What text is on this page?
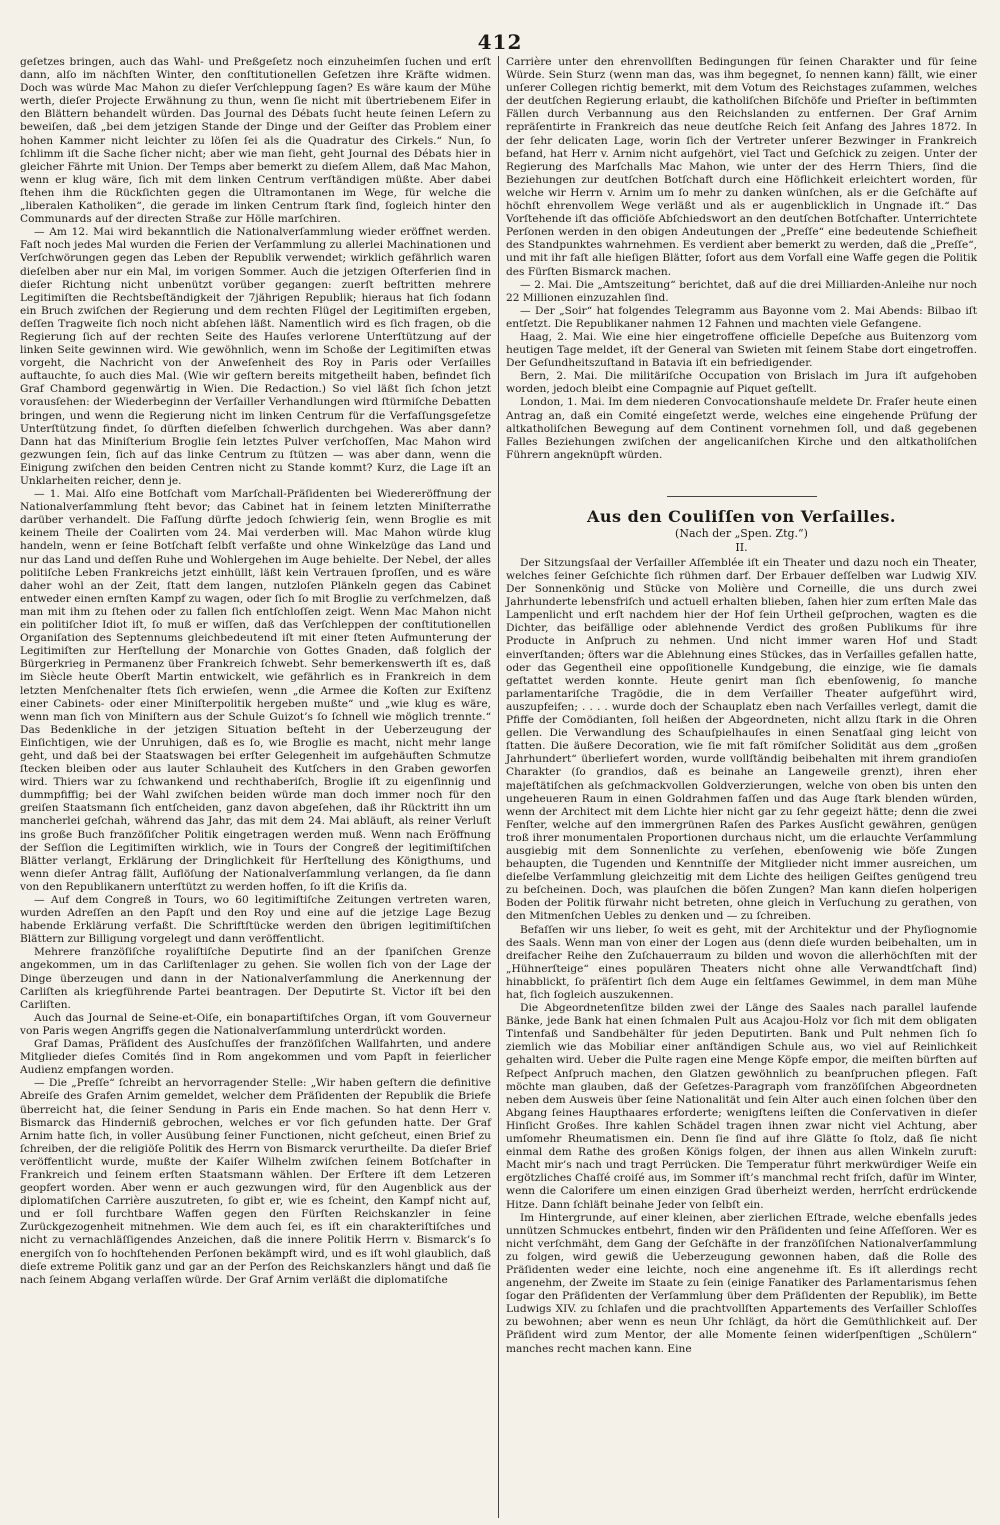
412

geſetzes bringen, auch das Wahl- und Preßgeſetz noch einzuheimſen ſuchen und erſt dann, alſo im nächſten Winter, den conſtitutionellen Geſetzen ihre Kräfte widmen. Doch was würde Mac Mahon zu dieſer Verſchleppung ſagen? Es wäre kaum der Mühe werth, dieſer Projecte Erwähnung zu thun, wenn ſie nicht mit übertriebenem Eifer in den Blättern behandelt würden. Das Journal des Débats ſucht heute ſeinen Leſern zu beweiſen, daß „bei dem jetzigen Stande der Dinge und der Geiſter das Problem einer hohen Kammer nicht leichter zu löſen ſei als die Quadratur des Cirkels.“ Nun, ſo ſchlimm iſt die Sache ſicher nicht; aber wie man ſieht, geht Journal des Débats hier in gleicher Fährte mit Union. Der Temps aber bemerkt zu dieſem Allem, daß Mac Mahon, wenn er klug wäre, ſich mit dem linken Centrum verſtändigen müßte. Aber dabei ſtehen ihm die Rückſichten gegen die Ultramontanen im Wege, für welche die „liberalen Katholiken“, die gerade im linken Centrum ſtark ſind, ſogleich hinter den Communards auf der directen Straße zur Hölle marſchiren.

— Am 12. Mai wird bekanntlich die Nationalverſammlung wieder eröffnet werden. Faſt noch jedes Mal wurden die Ferien der Verſammlung zu allerlei Machinationen und Verſchwörungen gegen das Leben der Republik verwendet; wirklich gefährlich waren dieſelben aber nur ein Mal, im vorigen Sommer. Auch die jetzigen Oſterferien ſind in dieſer Richtung nicht unbenützt vorüber gegangen: zuerſt beſtritten mehrere Legitimiſten die Rechtsbeſtändigkeit der 7jährigen Republik; hieraus hat ſich ſodann ein Bruch zwiſchen der Regierung und dem rechten Flügel der Legitimiſten ergeben, deſſen Tragweite ſich noch nicht abſehen läßt. Namentlich wird es ſich fragen, ob die Regierung ſich auf der rechten Seite des Hauſes verlorene Unterſtützung auf der linken Seite gewinnen wird. Wie gewöhnlich, wenn im Schoße der Legitimiſten etwas vorgeht, die Nachricht von der Anweſenheit des Roy in Paris oder Verſailles auftauchte, ſo auch dies Mal. (Wie wir geſtern bereits mitgetheilt haben, befindet ſich Graf Chambord gegenwärtig in Wien. Die Redaction.) So viel läßt ſich ſchon jetzt vorausſehen: der Wiederbeginn der Verſailler Verhandlungen wird ſtürmiſche Debatten bringen, und wenn die Regierung nicht im linken Centrum für die Verfaſſungsgeſetze Unterſtützung findet, ſo dürften dieſelben ſchwerlich durchgehen. Was aber dann? Dann hat das Miniſterium Broglie ſein letztes Pulver verſchoſſen, Mac Mahon wird gezwungen ſein, ſich auf das linke Centrum zu ſtützen — was aber dann, wenn die Einigung zwiſchen den beiden Centren nicht zu Stande kommt? Kurz, die Lage iſt an Unklarheiten reicher, denn je.

— 1. Mai. Alſo eine Botſchaft vom Marſchall-Präſidenten bei Wiedereröffnung der Nationalverſammlung ſteht bevor; das Cabinet hat in ſeinem letzten Miniſterrathe darüber verhandelt. Die Faſſung dürfte jedoch ſchwierig ſein, wenn Broglie es mit keinem Theile der Coalirten vom 24. Mai verderben will. Mac Mahon würde klug handeln, wenn er ſeine Botſchaft ſelbſt verfaßte und ohne Winkelzüge das Land und nur das Land und deſſen Ruhe und Wohlergehen im Auge behielte. Der Nebel, der alles politiſche Leben Frankreichs jetzt einhüllt, läßt kein Vertrauen ſproſſen, und es wäre daher wohl an der Zeit, ſtatt dem langen, nutzloſen Plänkeln gegen das Cabinet entweder einen ernſten Kampf zu wagen, oder ſich ſo mit Broglie zu verſchmelzen, daß man mit ihm zu ſtehen oder zu fallen ſich entſchloſſen zeigt. Wenn Mac Mahon nicht ein politiſcher Idiot iſt, ſo muß er wiſſen, daß das Verſchleppen der conſtitutionellen Organiſation des Septennums gleichbedeutend iſt mit einer ſteten Aufmunterung der Legitimiſten zur Herſtellung der Monarchie von Gottes Gnaden, daß folglich der Bürgerkrieg in Permanenz über Frankreich ſchwebt. Sehr bemerkenswerth iſt es, daß im Siècle heute Oberſt Martin entwickelt, wie gefährlich es in Frankreich in dem letzten Menſchenalter ſtets ſich erwieſen, wenn „die Armee die Koſten zur Exiſtenz einer Cabinets- oder einer Miniſterpolitik hergeben mußte“ und „wie klug es wäre, wenn man ſich von Miniſtern aus der Schule Guizot’s ſo ſchnell wie möglich trennte.“ Das Bedenkliche in der jetzigen Situation beſteht in der Ueberzeugung der Einſichtigen, wie der Unruhigen, daß es ſo, wie Broglie es macht, nicht mehr lange geht, und daß bei der Staatswagen bei erſter Gelegenheit im aufgehäuften Schmutze ſtecken bleiben oder aus lauter Schlauheit des Kutſchers in den Graben geworfen wird. Thiers war zu ſchwankend und rechthaberiſch, Broglie iſt zu eigenſinnig und dummpfiffig; bei der Wahl zwiſchen beiden würde man doch immer noch für den greiſen Staatsmann ſich entſcheiden, ganz davon abgeſehen, daß ihr Rücktritt ihn um mancherlei geſchah, während das Jahr, das mit dem 24. Mai abläuft, als reiner Verluſt ins große Buch franzöſiſcher Politik eingetragen werden muß. Wenn nach Eröffnung der Seſſion die Legitimiſten wirklich, wie in Tours der Congreß der legitimiſtiſchen Blätter verlangt, Erklärung der Dringlichkeit für Herſtellung des Königthums, und wenn dieſer Antrag fällt, Auflöſung der Nationalverſammlung verlangen, da ſie dann von den Republikanern unterſtützt zu werden hoffen, ſo iſt die Kriſis da.

— Auf dem Congreß in Tours, wo 60 legitimiſtiſche Zeitungen vertreten waren, wurden Adreſſen an den Papſt und den Roy und eine auf die jetzige Lage Bezug habende Erklärung verfaßt. Die Schriftſtücke werden den übrigen legitimiſtiſchen Blättern zur Billigung vorgelegt und dann veröffentlicht.

Mehrere franzöſiſche royaliſtiſche Deputirte ſind an der ſpaniſchen Grenze angekommen, um in das Carliſtenlager zu gehen. Sie wollen ſich von der Lage der Dinge überzeugen und dann in der Nationalverſammlung die Anerkennung der Carliſten als kriegführende Partei beantragen. Der Deputirte St. Victor iſt bei den Carliſten.

Auch das Journal de Seine-et-Oiſe, ein bonapartiſtiſches Organ, iſt vom Gouverneur von Paris wegen Angriffs gegen die Nationalverſammlung unterdrückt worden.

Graf Damas, Präſident des Ausſchuſſes der franzöſiſchen Wallfahrten, und andere Mitglieder dieſes Comités ſind in Rom angekommen und vom Papſt in feierlicher Audienz empfangen worden.

— Die „Preſſe“ ſchreibt an hervorragender Stelle: „Wir haben geſtern die definitive Abreiſe des Grafen Arnim gemeldet, welcher dem Präſidenten der Republik die Briefe überreicht hat, die ſeiner Sendung in Paris ein Ende machen. So hat denn Herr v. Bismarck das Hinderniß gebrochen, welches er vor ſich gefunden hatte. Der Graf Arnim hatte ſich, in voller Ausübung ſeiner Functionen, nicht geſcheut, einen Brief zu ſchreiben, der die religiöſe Politik des Herrn von Bismarck verurtheilte. Da dieſer Brief veröffentlicht wurde, mußte der Kaiſer Wilhelm zwiſchen ſeinem Botſchafter in Frankreich und ſeinem erſten Staatsmann wählen. Der Erſtere iſt dem Letzeren geopfert worden. Aber wenn er auch gezwungen wird, für den Augenblick aus der diplomatiſchen Carrière auszutreten, ſo gibt er, wie es ſcheint, den Kampf nicht auf, und er ſoll furchtbare Waffen gegen den Fürſten Reichskanzler in ſeine Zurückgezogenheit mitnehmen. Wie dem auch ſei, es iſt ein charakteriſtiſches und nicht zu vernachläſſigendes Anzeichen, daß die innere Politik Herrn v. Bismarck’s ſo energiſch von ſo hochſtehenden Perſonen bekämpft wird, und es iſt wohl glaublich, daß dieſe extreme Politik ganz und gar an der Perſon des Reichskanzlers hängt und daß ſie nach ſeinem Abgang verlaſſen würde. Der Graf Arnim verläßt die diplomatiſche

Carrière unter den ehrenvollſten Bedingungen für ſeinen Charakter und für ſeine Würde. Sein Sturz (wenn man das, was ihm begegnet, ſo nennen kann) fällt, wie einer unſerer Collegen richtig bemerkt, mit dem Votum des Reichstages zuſammen, welches der deutſchen Regierung erlaubt, die katholiſchen Biſchöfe und Prieſter in beſtimmten Fällen durch Verbannung aus den Reichslanden zu entfernen. Der Graf Arnim repräſentirte in Frankreich das neue deutſche Reich ſeit Anfang des Jahres 1872. In der ſehr delicaten Lage, worin ſich der Vertreter unſerer Bezwinger in Frankreich befand, hat Herr v. Arnim nicht aufgehört, viel Tact und Geſchick zu zeigen. Unter der Regierung des Marſchalls Mac Mahon, wie unter der des Herrn Thiers, ſind die Beziehungen zur deutſchen Botſchaft durch eine Höflichkeit erleichtert worden, für welche wir Herrn v. Arnim um ſo mehr zu danken wünſchen, als er die Geſchäfte auf höchſt ehrenvollem Wege verläßt und als er augenblicklich in Ungnade iſt.“ Das Vorſtehende iſt das officiöſe Abſchiedswort an den deutſchen Botſchafter. Unterrichtete Perſonen werden in den obigen Andeutungen der „Preſſe“ eine bedeutende Schiefheit des Standpunktes wahrnehmen. Es verdient aber bemerkt zu werden, daß die „Preſſe“, und mit ihr faſt alle hieſigen Blätter, ſofort aus dem Vorfall eine Waffe gegen die Politik des Fürſten Bismarck machen.

— 2. Mai. Die „Amtszeitung“ berichtet, daß auf die drei Milliarden-Anleihe nur noch 22 Millionen einzuzahlen ſind.

— Der „Soir“ hat folgendes Telegramm aus Bayonne vom 2. Mai Abends: Bilbao iſt entſetzt. Die Republikaner nahmen 12 Fahnen und machten viele Gefangene.

Haag, 2. Mai. Wie eine hier eingetroffene officielle Depeſche aus Buitenzorg vom heutigen Tage meldet, iſt der General van Swieten mit ſeinem Stabe dort eingetroffen. Der Geſundheitszuſtand in Batavia iſt ein befriedigender.

Bern, 2. Mai. Die militäriſche Occupation von Brislach im Jura iſt aufgehoben worden, jedoch bleibt eine Compagnie auf Piquet geſtellt.

London, 1. Mai. Im dem niederen Convocationshauſe meldete Dr. Fraſer heute einen Antrag an, daß ein Comité eingeſetzt werde, welches eine eingehende Prüfung der altkatholiſchen Bewegung auf dem Continent vornehmen ſoll, und daß gegebenen Falles Beziehungen zwiſchen der angelicaniſchen Kirche und den altkatholiſchen Führern angeknüpft würden.

Aus den Couliſſen von Verſailles.

(Nach der „Spen. Ztg.“)

II.

Der Sitzungsſaal der Verſailler Aſſemblée iſt ein Theater und dazu noch ein Theater, welches ſeiner Geſchichte ſich rühmen darf. Der Erbauer deſſelben war Ludwig XIV. Der Sonnenkönig und Stücke von Molière und Corneille, die uns durch zwei Jahrhunderte lebensfriſch und actuell erhalten blieben, ſahen hier zum erſten Male das Lampenlicht und erſt nachdem hier der Hof ſein Urtheil geſprochen, wagten es die Dichter, das beifällige oder ablehnende Verdict des großen Publikums für ihre Producte in Anſpruch zu nehmen. Und nicht immer waren Hof und Stadt einverſtanden; öfters war die Ablehnung eines Stückes, das in Verſailles gefallen hatte, oder das Gegentheil eine oppoſitionelle Kundgebung, die einzige, wie ſie damals geſtattet werden konnte. Heute genirt man ſich ebenſowenig, ſo manche parlamentariſche Tragödie, die in dem Verſailler Theater aufgeführt wird, auszupfeifen; . . . . wurde doch der Schauplatz eben nach Verſailles verlegt, damit die Pfiffe der Comödianten, ſoll heißen der Abgeordneten, nicht allzu ſtark in die Ohren gellen. Die Verwandlung des Schauſpielhauſes in einen Senatſaal ging leicht von ſtatten. Die äußere Decoration, wie ſie mit faſt römiſcher Solidität aus dem „großen Jahrhundert“ überliefert worden, wurde vollſtändig beibehalten mit ihrem grandioſen Charakter (ſo grandios, daß es beinahe an Langeweile grenzt), ihren eher majeſtätiſchen als geſchmackvollen Goldverzierungen, welche von oben bis unten den ungeheueren Raum in einen Goldrahmen faſſen und das Auge ſtark blenden würden, wenn der Architect mit dem Lichte hier nicht gar zu ſehr gegeizt hätte; denn die zwei Fenſter, welche auf den immergrünen Raſen des Parkes Ausſicht gewähren, genügen troß ihrer monumentalen Proportionen durchaus nicht, um die erlauchte Verſammlung ausgiebig mit dem Sonnenlichte zu verſehen, ebenſowenig wie böſe Zungen behaupten, die Tugenden und Kenntniſſe der Mitglieder nicht immer ausreichen, um dieſelbe Verſammlung gleichzeitig mit dem Lichte des heiligen Geiſtes genügend treu zu beſcheinen. Doch, was plauſchen die böſen Zungen? Man kann dieſen holperigen Boden der Politik fürwahr nicht betreten, ohne gleich in Verſuchung zu gerathen, von den Mitmenſchen Uebles zu denken und — zu ſchreiben.

Befaſſen wir uns lieber, ſo weit es geht, mit der Architektur und der Phyſiognomie des Saals. Wenn man von einer der Logen aus (denn dieſe wurden beibehalten, um in dreifacher Reihe den Zuſchauerraum zu bilden und wovon die allerhöchſten mit der „Hühnerſteige“ eines populären Theaters nicht ohne alle Verwandtſchaft ſind) hinabblickt, ſo präſentirt ſich dem Auge ein ſeltſames Gewimmel, in dem man Mühe hat, ſich ſogleich auszukennen.

Die Abgeordnetenſitze bilden zwei der Länge des Saales nach parallel laufende Bänke, jede Bank hat einen ſchmalen Pult aus Acajou-Holz vor ſich mit dem obligaten Tintenfaß und Sandbehälter für jeden Deputirten. Bank und Pult nehmen ſich ſo ziemlich wie das Mobiliar einer anſtändigen Schule aus, wo viel auf Reinlichkeit gehalten wird. Ueber die Pulte ragen eine Menge Köpfe empor, die meiſten bürften auf Reſpect Anſpruch machen, den Glatzen gewöhnlich zu beanſpruchen pflegen. Faſt möchte man glauben, daß der Geſetzes-Paragraph vom franzöſiſchen Abgeordneten neben dem Ausweis über ſeine Nationalität und ſein Alter auch einen ſolchen über den Abgang ſeines Haupthaares erforderte; wenigſtens leiſten die Conſervativen in dieſer Hinſicht Großes. Ihre kahlen Schädel tragen ihnen zwar nicht viel Achtung, aber umſomehr Rheumatismen ein. Denn ſie ſind auf ihre Glätte ſo ſtolz, daß ſie nicht einmal dem Rathe des großen Königs folgen, der ihnen aus allen Winkeln zuruft: Macht mir’s nach und tragt Perrücken. Die Temperatur führt merkwürdiger Weiſe ein ergötzliches Chaſſé croiſé aus, im Sommer iſt’s manchmal recht friſch, dafür im Winter, wenn die Calorifere um einen einzigen Grad überheizt werden, herrſcht erdrückende Hitze. Dann ſchläft beinahe Jeder von ſelbſt ein.

Im Hintergrunde, auf einer kleinen, aber zierlichen Eſtrade, welche ebenfalls jedes unnützen Schmuckes entbehrt, finden wir den Präſidenten und ſeine Aſſeſſoren. Wer es nicht verſchmäht, dem Gang der Geſchäfte in der franzöſiſchen Nationalverſammlung zu folgen, wird gewiß die Ueberzeugung gewonnen haben, daß die Rolle des Präſidenten weder eine leichte, noch eine angenehme iſt. Es iſt allerdings recht angenehm, der Zweite im Staate zu ſein (einige Fanatiker des Parlamentarismus ſehen ſogar den Präſidenten der Verſammlung über dem Präſidenten der Republik), im Bette Ludwigs XIV. zu ſchlafen und die prachtvollſten Appartements des Verſailler Schloſſes zu bewohnen; aber wenn es neun Uhr ſchlägt, da hört die Gemüthlichkeit auf. Der Präſident wird zum Mentor, der alle Momente ſeinen widerſpenſtigen „Schülern“ manches recht machen kann. Eine
